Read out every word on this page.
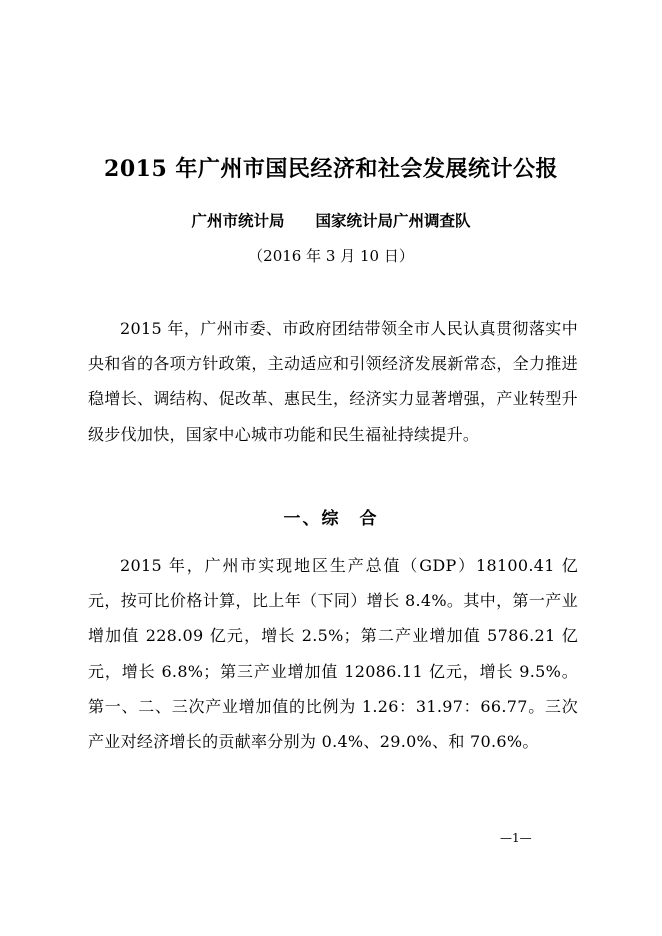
2015 年广州市国民经济和社会发展统计公报
广州市统计局　　国家统计局广州调查队
（2016 年 3 月 10 日）
2015 年，广州市委、市政府团结带领全市人民认真贯彻落实中央和省的各项方针政策，主动适应和引领经济发展新常态，全力推进稳增长、调结构、促改革、惠民生，经济实力显著增强，产业转型升级步伐加快，国家中心城市功能和民生福祉持续提升。
一、综　合
2015 年，广州市实现地区生产总值（GDP）18100.41 亿元，按可比价格计算，比上年（下同）增长 8.4%。其中，第一产业增加值 228.09 亿元，增长 2.5%；第二产业增加值 5786.21 亿元，增长 6.8%；第三产业增加值 12086.11 亿元，增长 9.5%。第一、二、三次产业增加值的比例为 1.26：31.97：66.77。三次产业对经济增长的贡献率分别为 0.4%、29.0%、和 70.6%。
—1—
